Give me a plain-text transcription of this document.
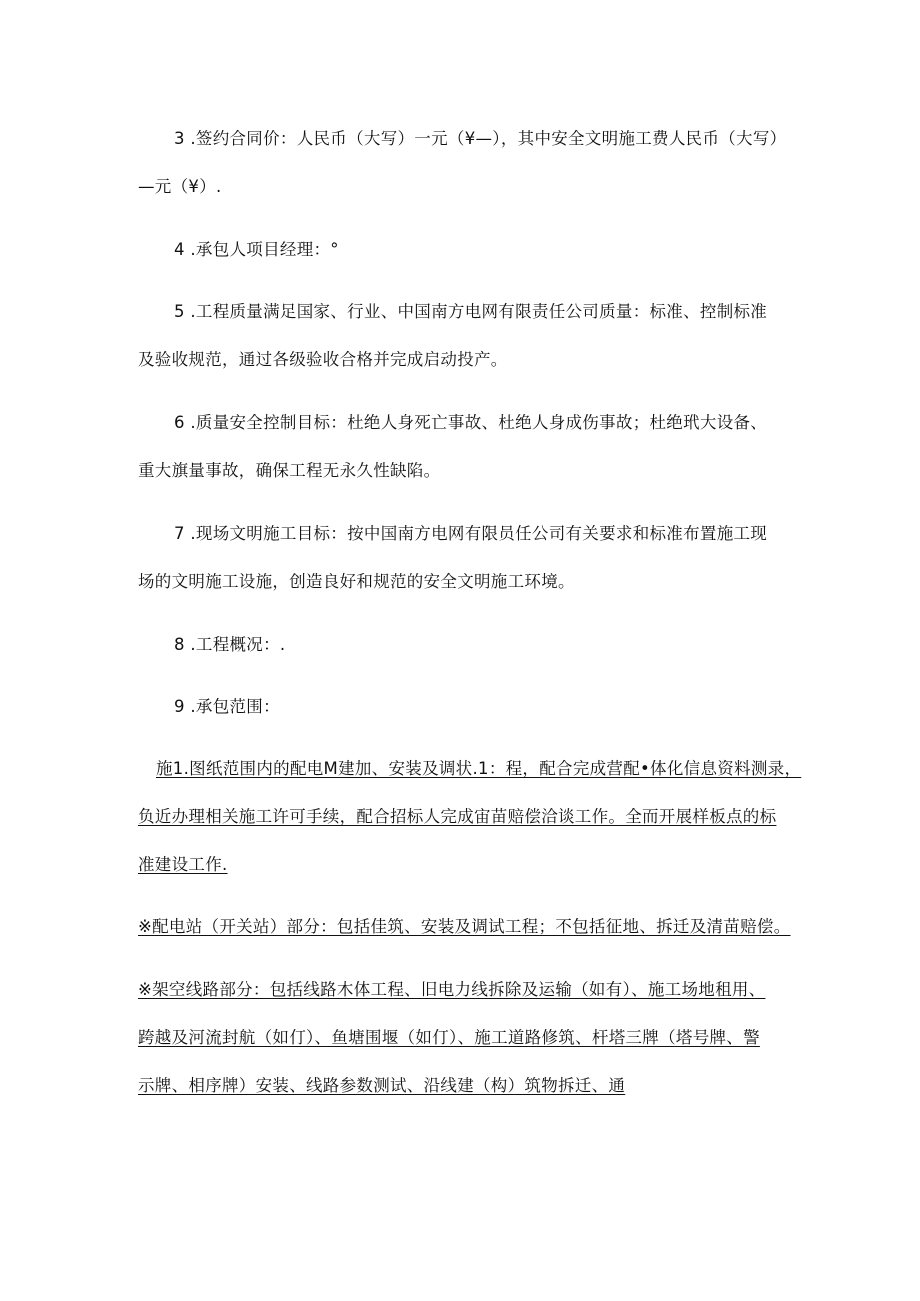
3 .签约合同价：人民币（大写）一元（¥—），其中安全文明施工费人民币（大写）
—元（¥）.
4 .承包人项目经理：°
5 .工程质量满足国家、行业、中国南方电网有限责任公司质量：标准、控制标准
及验收规范，通过各级验收合格并完成启动投产。
6 .质量安全控制目标：杜绝人身死亡事故、杜绝人身成伤事故；杜绝玳大设备、
重大旗量事故，确保工程无永久性缺陷。
7 .现场文明施工目标：按中国南方电网有限员任公司有关要求和标准布置施工现
场的文明施工设施，创造良好和规范的安全文明施工环境。
8 .工程概况：.
9 .承包范围：
施1.图纸范围内的配电M建加、安装及调状.1：程，配合完成营配•体化信息资料测录，
负近办理相关施工许可手续，配合招标人完成宙苗赔偿洽谈工作。全而开展样板点的标
准建设工作.
※配电站（开关站）部分：包括佳筑、安装及调试工程；不包括征地、拆迁及清苗赔偿。
※架空线路部分：包括线路木体工程、旧电力线拆除及运输（如有）、施工场地租用、
跨越及河流封航（如仃）、鱼塘围堰（如仃）、施工道路修筑、杆塔三牌（塔号牌、警
示牌、相序牌）安装、线路参数测试、沿线建（构）筑物拆迁、通
